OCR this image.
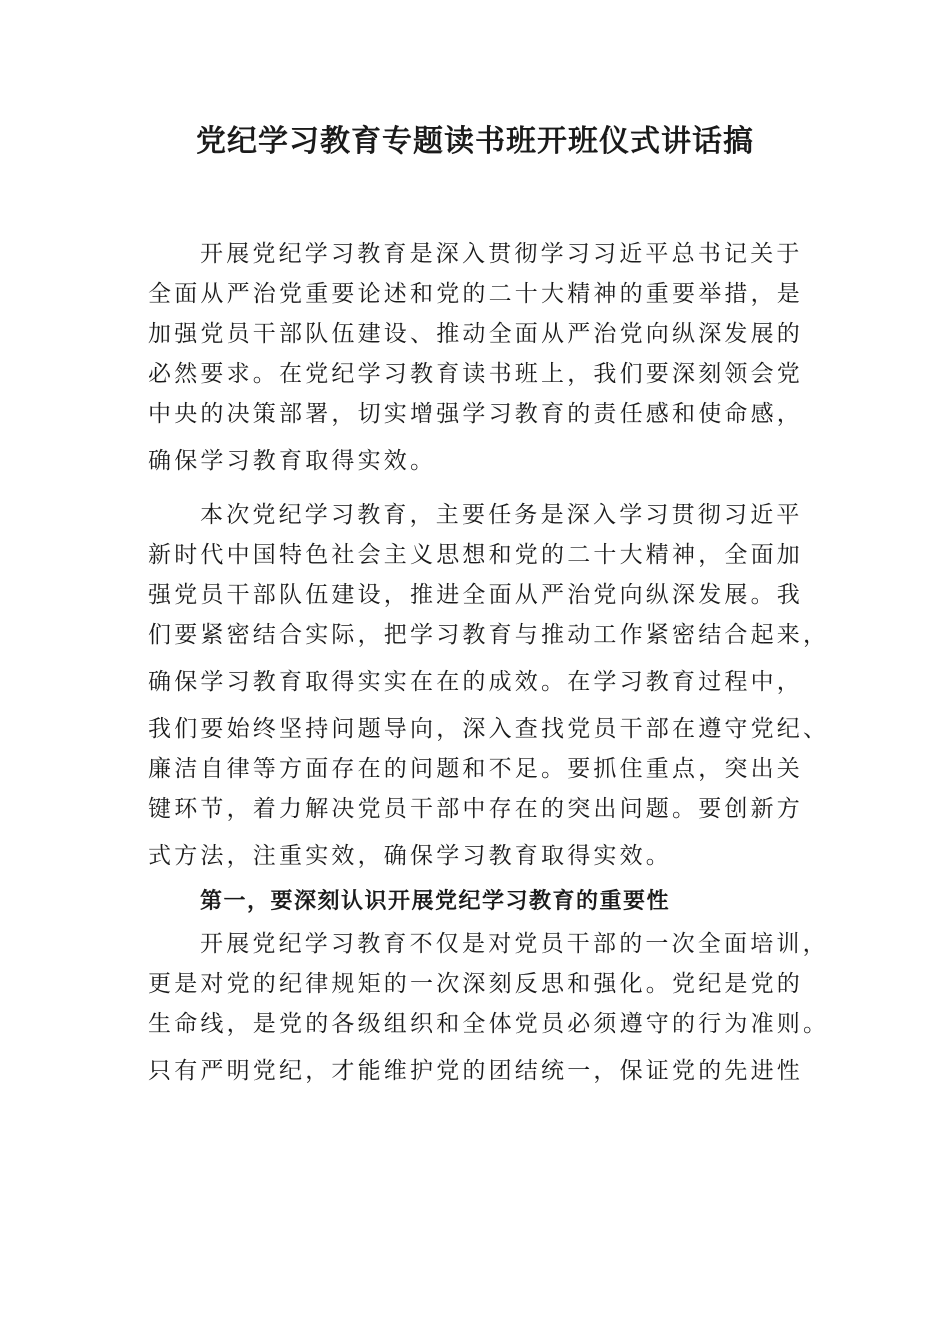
党纪学习教育专题读书班开班仪式讲话搞
开展党纪学习教育是深入贯彻学习习近平总书记关于
全面从严治党重要论述和党的二十大精神的重要举措，是
加强党员干部队伍建设、推动全面从严治党向纵深发展的
必然要求。在党纪学习教育读书班上，我们要深刻领会党
中央的决策部署，切实增强学习教育的责任感和使命感，
确保学习教育取得实效。
本次党纪学习教育，主要任务是深入学习贯彻习近平
新时代中国特色社会主义思想和党的二十大精神，全面加
强党员干部队伍建设，推进全面从严治党向纵深发展。我
们要紧密结合实际，把学习教育与推动工作紧密结合起来，
确保学习教育取得实实在在的成效。在学习教育过程中，
我们要始终坚持问题导向，深入查找党员干部在遵守党纪、
廉洁自律等方面存在的问题和不足。要抓住重点，突出关
键环节，着力解决党员干部中存在的突出问题。要创新方
式方法，注重实效，确保学习教育取得实效。
第一，要深刻认识开展党纪学习教育的重要性
开展党纪学习教育不仅是对党员干部的一次全面培训，
更是对党的纪律规矩的一次深刻反思和强化。党纪是党的
生命线，是党的各级组织和全体党员必须遵守的行为准则。
只有严明党纪，才能维护党的团结统一，保证党的先进性
